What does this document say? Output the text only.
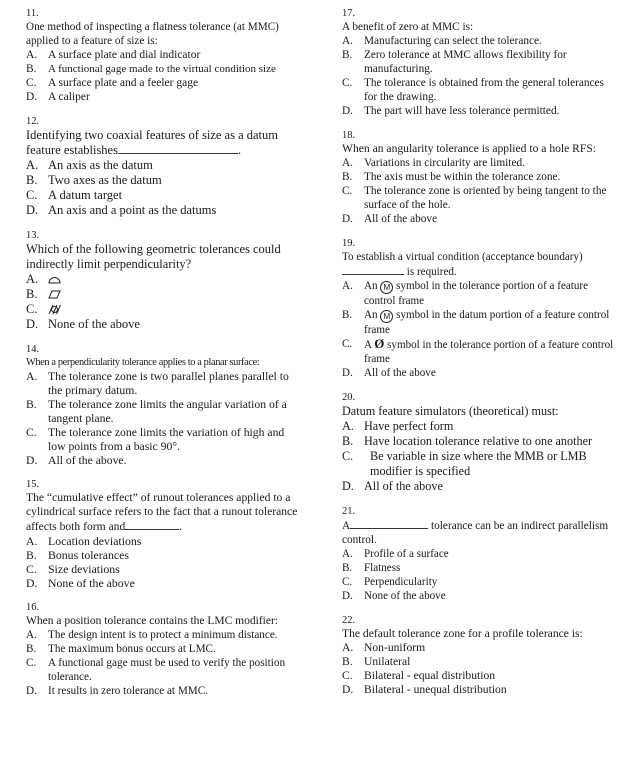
11.
One method of inspecting a flatness tolerance (at MMC) applied to a feature of size is:
A. A surface plate and dial indicator
B.	A functional gage made to the virtual condition size
C. A surface plate and a feeler gage
D. A caliper
12.
Identifying two coaxial features of size as a datum feature establishes	.
A. An axis as the datum
B. Two axes as the datum
C. A datum target
D. An axis and a point as the datums
13.
Which of the following geometric tolerances could indirectly limit perpendicularity?
A.
B.
C.
D. None of the above
14.
When a perpendicularity tolerance applies to a planar surface:
A. The tolerance zone is two parallel planes parallel to the primary datum.
B. The tolerance zone limits the angular variation of a tangent plane.
C. The tolerance zone limits the variation of high and low points from a basic 90°.
D. All of the above.
15.
The “cumulative effect” of runout tolerances applied to a cylindrical surface refers to the fact that a runout tolerance affects both form and	.
A. Location deviations
B. Bonus tolerances
C. Size deviations
D. None of the above
16.
When a position tolerance contains the LMC modifier:
A. The design intent is to protect a minimum distance.
B.	The maximum bonus occurs at LMC.
C.	A functional gage must be used to verify the position tolerance.
D. It results in zero tolerance at MMC.
17.
A benefit of zero at MMC is:
A. Manufacturing can select the tolerance.
B.	Zero tolerance at MMC allows flexibility for manufacturing.
C.	The tolerance is obtained from the general tolerances for the drawing.
D. The part will have less tolerance permitted.
18.
When an angularity tolerance is applied to a hole RFS:
A. Variations in circularity are limited.
B.	The axis must be within the tolerance zone.
C.	The tolerance zone is oriented by being tangent to the surface of the hole.
D. All of the above
19.
To establish a virtual condition (acceptance boundary)
is required.
A.	An M symbol in the tolerance portion of a feature control frame
B.	An M symbol in the datum portion of a feature control frame
C.	A Ø symbol in the tolerance portion of a feature control frame
D.	All of the above
20.
Datum feature simulators (theoretical) must:
A. Have perfect form
B. Have location tolerance relative to one another
C.	Be variable in size where the MMB or LMB modifier is specified
D. All of the above
21.
A	tolerance can be an indirect parallelism control.
A.	Profile of a surface
B.	Flatness
C.	Perpendicularity
D.	None of the above
22.
The default tolerance zone for a profile tolerance is:
A. Non-uniform
B. Unilateral
C. Bilateral - equal distribution
D. Bilateral - unequal distribution
